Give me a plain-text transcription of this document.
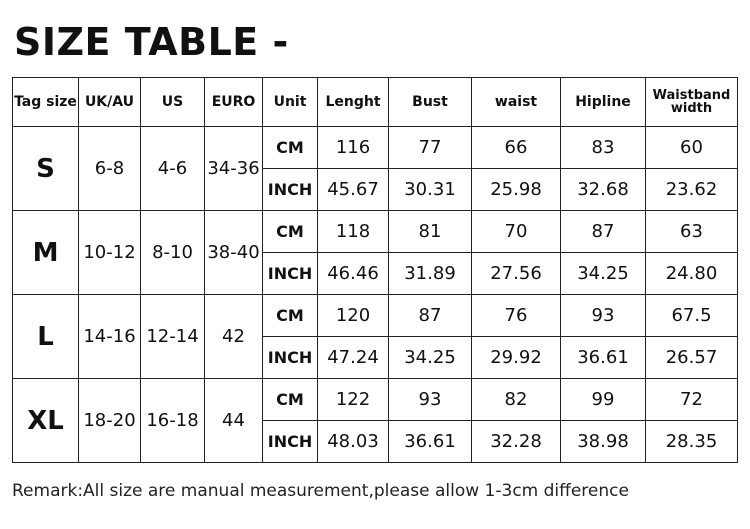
SIZE TABLE -
Tag size	UK/AU	US	EURO	Unit	Lenght	Bust	waist	Hipline	Waistband width
S	6-8	4-6	34-36	CM	116	77	66	83	60
				INCH	45.67	30.31	25.98	32.68	23.62
M	10-12	8-10	38-40	CM	118	81	70	87	63
				INCH	46.46	31.89	27.56	34.25	24.80
L	14-16	12-14	42	CM	120	87	76	93	67.5
				INCH	47.24	34.25	29.92	36.61	26.57
XL	18-20	16-18	44	CM	122	93	82	99	72
				INCH	48.03	36.61	32.28	38.98	28.35
Remark:All size are manual measurement,please allow 1-3cm difference
